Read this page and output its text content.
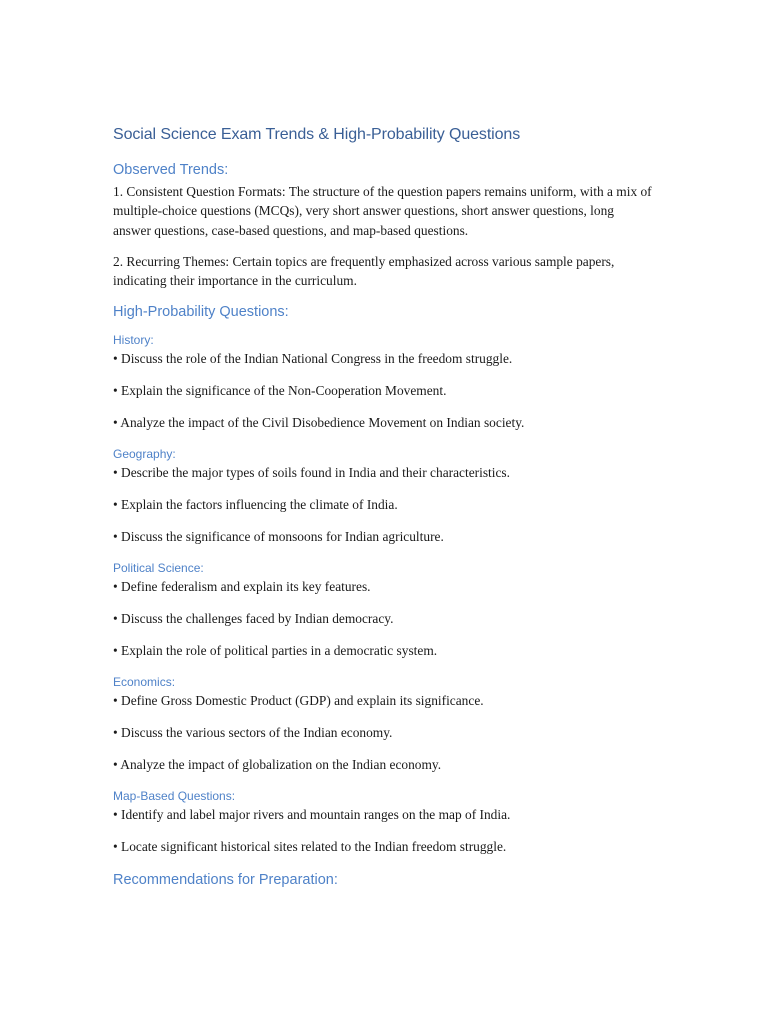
Social Science Exam Trends & High-Probability Questions
Observed Trends:

1. Consistent Question Formats: The structure of the question papers remains uniform, with a mix of multiple-choice questions (MCQs), very short answer questions, short answer questions, long answer questions, case-based questions, and map-based questions.

2. Recurring Themes: Certain topics are frequently emphasized across various sample papers, indicating their importance in the curriculum.

High-Probability Questions:
History:
• Discuss the role of the Indian National Congress in the freedom struggle.
• Explain the significance of the Non-Cooperation Movement.
• Analyze the impact of the Civil Disobedience Movement on Indian society.
Geography:
• Describe the major types of soils found in India and their characteristics.
• Explain the factors influencing the climate of India.
• Discuss the significance of monsoons for Indian agriculture.
Political Science:
• Define federalism and explain its key features.
• Discuss the challenges faced by Indian democracy.
• Explain the role of political parties in a democratic system.
Economics:
• Define Gross Domestic Product (GDP) and explain its significance.
• Discuss the various sectors of the Indian economy.
• Analyze the impact of globalization on the Indian economy.
Map-Based Questions:
• Identify and label major rivers and mountain ranges on the map of India.
• Locate significant historical sites related to the Indian freedom struggle.
Recommendations for Preparation:
